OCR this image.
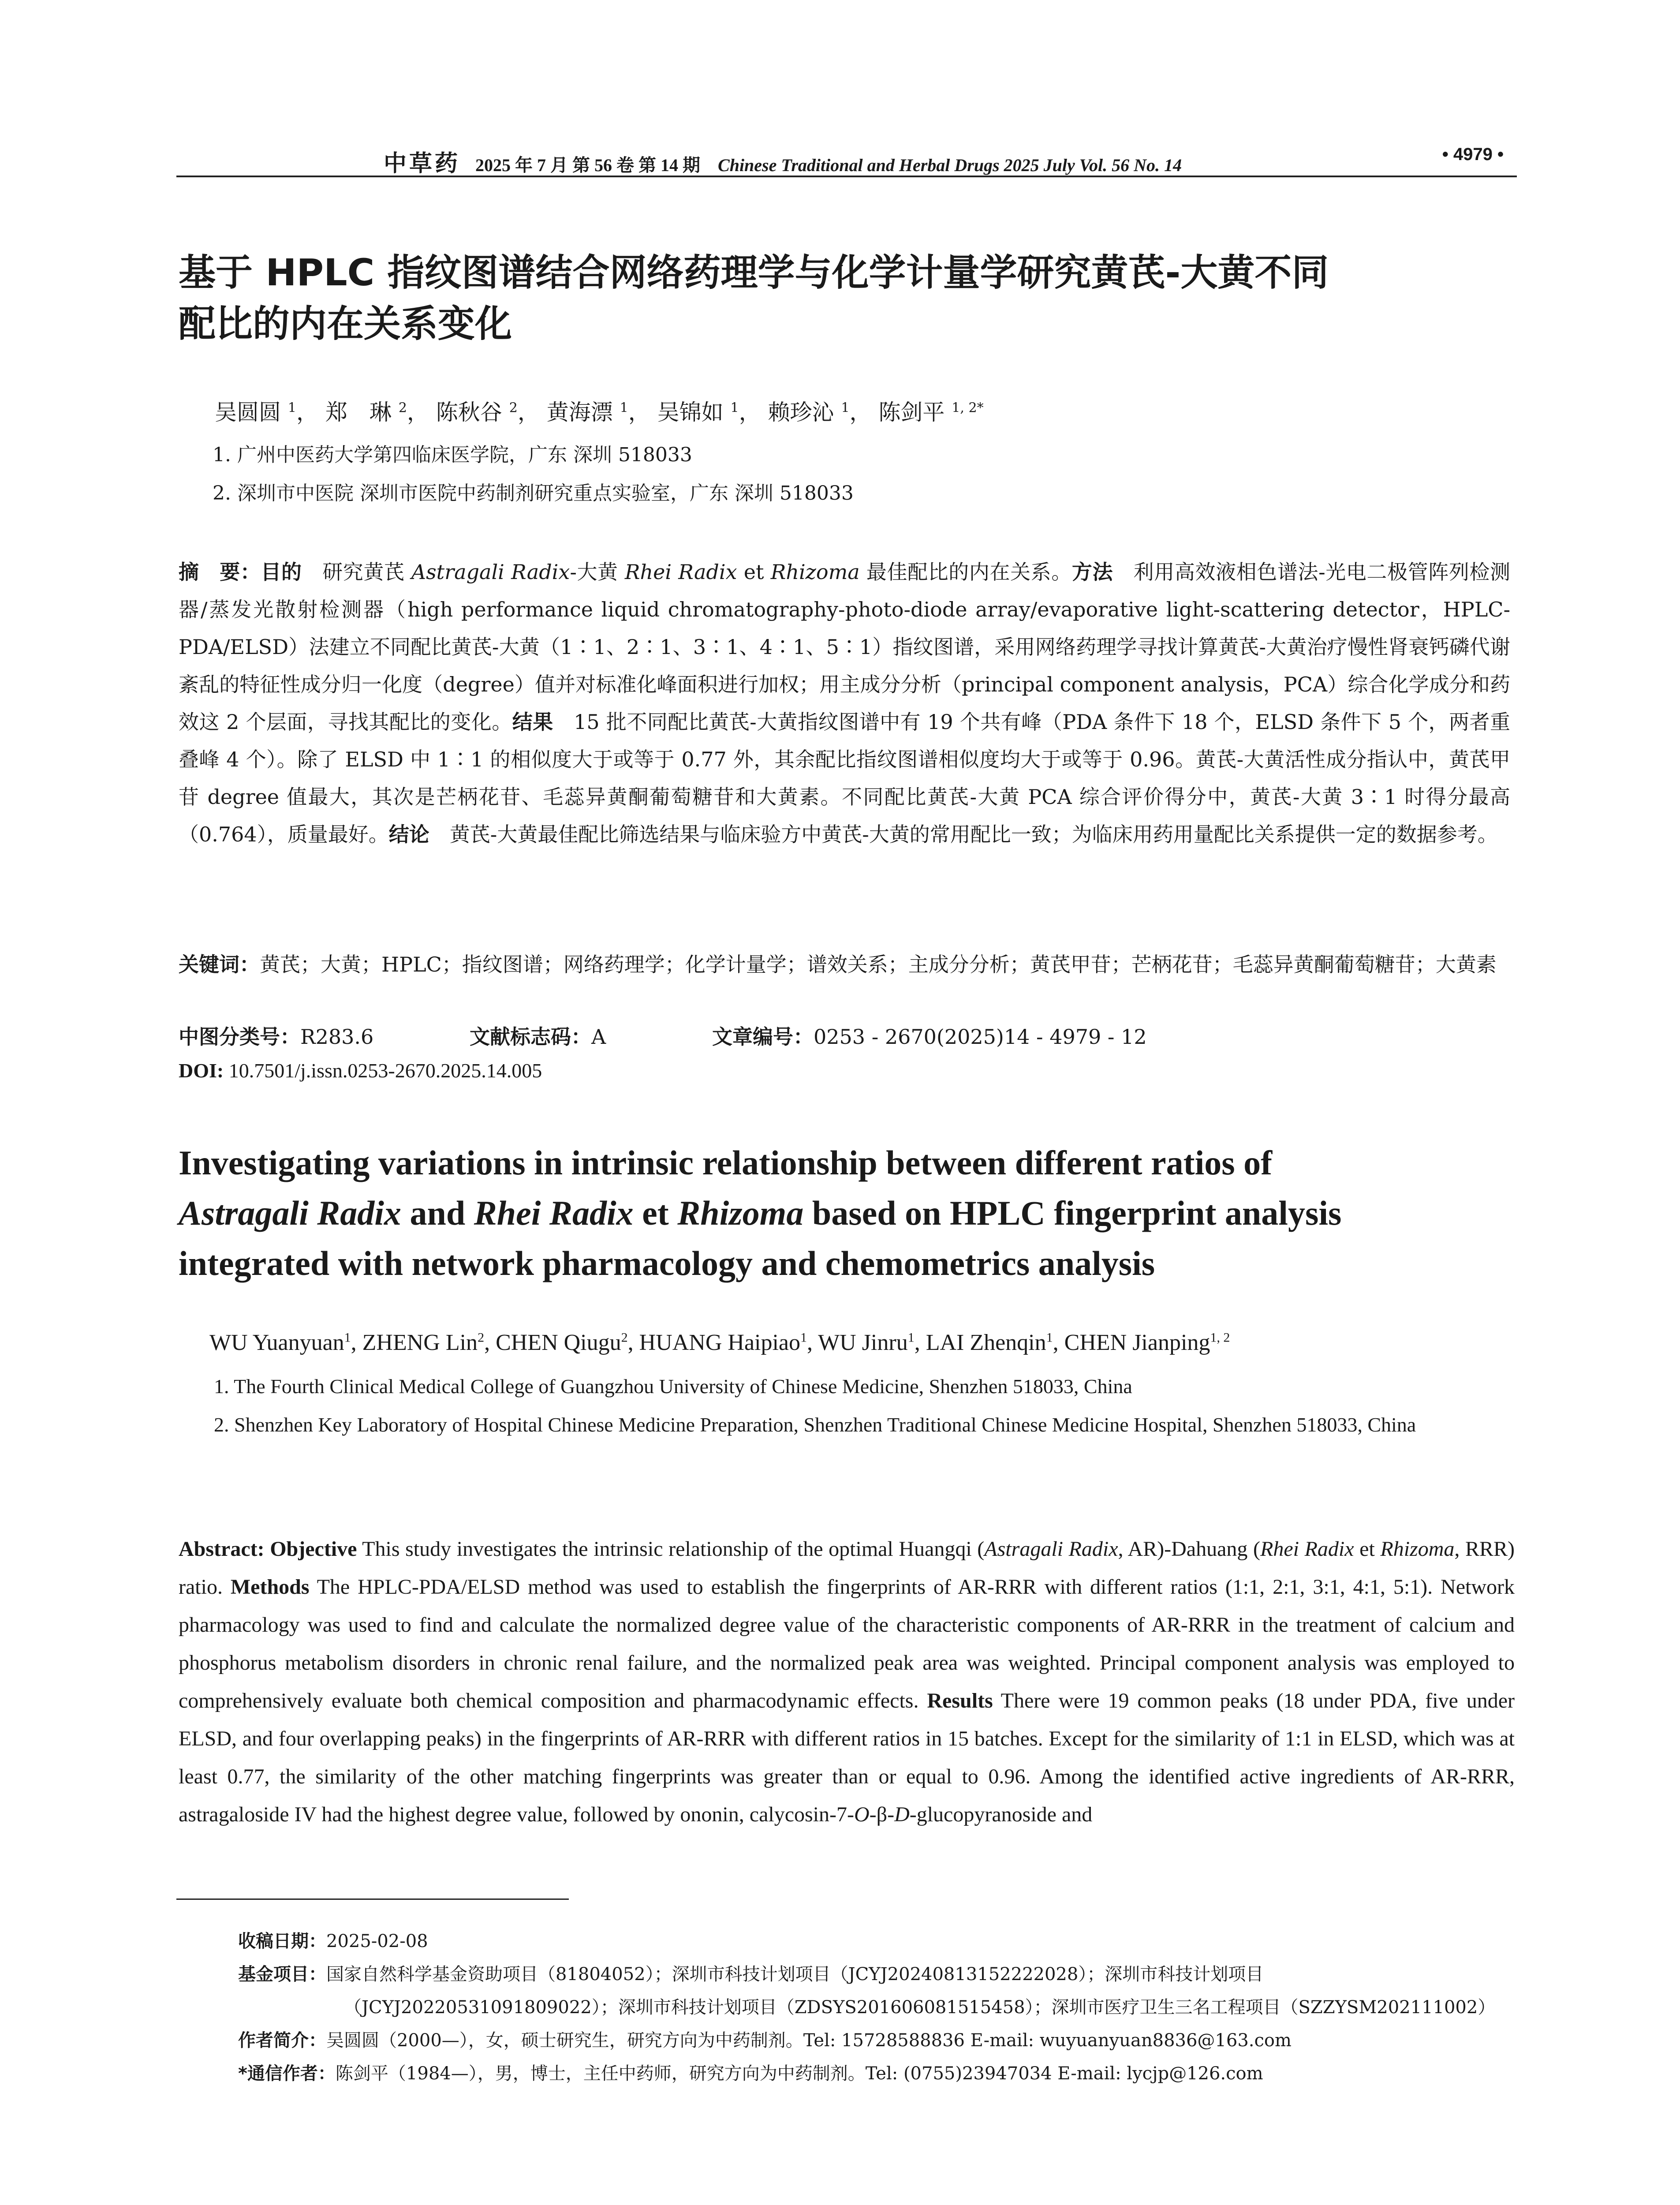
中草药 2025 年 7 月 第 56 卷 第 14 期 Chinese Traditional and Herbal Drugs 2025 July Vol. 56 No. 14
• 4979 •
基于 HPLC 指纹图谱结合网络药理学与化学计量学研究黄芪-大黄不同
配比的内在关系变化
吴圆圆 $^1$， 郑　琳 $^2$， 陈秋谷 $^2$， 黄海漂 $^1$， 吴锦如 $^1$， 赖珍沁 $^1$， 陈剑平 $^{1, 2*}$
1. 广州中医药大学第四临床医学院，广东 深圳 518033
2. 深圳市中医院 深圳市医院中药制剂研究重点实验室，广东 深圳 518033
摘　要：目的　研究黄芪 Astragali Radix-大黄 Rhei Radix et Rhizoma 最佳配比的内在关系。方法　利用高效液相色谱法-光电二极管阵列检测器/蒸发光散射检测器（high performance liquid chromatography-photo-diode array/evaporative light-scattering detector，HPLC-PDA/ELSD）法建立不同配比黄芪-大黄（1∶1、2∶1、3∶1、4∶1、5∶1）指纹图谱，采用网络药理学寻找计算黄芪-大黄治疗慢性肾衰钙磷代谢紊乱的特征性成分归一化度（degree）值并对标准化峰面积进行加权；用主成分分析（principal component analysis，PCA）综合化学成分和药效这 2 个层面，寻找其配比的变化。结果　15 批不同配比黄芪-大黄指纹图谱中有 19 个共有峰（PDA 条件下 18 个，ELSD 条件下 5 个，两者重叠峰 4 个）。除了 ELSD 中 1∶1 的相似度大于或等于 0.77 外，其余配比指纹图谱相似度均大于或等于 0.96。黄芪-大黄活性成分指认中，黄芪甲苷 degree 值最大，其次是芒柄花苷、毛蕊异黄酮葡萄糖苷和大黄素。不同配比黄芪-大黄 PCA 综合评价得分中，黄芪-大黄 3∶1 时得分最高（0.764），质量最好。结论　黄芪-大黄最佳配比筛选结果与临床验方中黄芪-大黄的常用配比一致；为临床用药用量配比关系提供一定的数据参考。
关键词：黄芪；大黄；HPLC；指纹图谱；网络药理学；化学计量学；谱效关系；主成分分析；黄芪甲苷；芒柄花苷；毛蕊异黄酮葡萄糖苷；大黄素
中图分类号：R283.6	文献标志码：A	文章编号：0253 - 2670(2025)14 - 4979 - 12
DOI: 10.7501/j.issn.0253-2670.2025.14.005
Investigating variations in intrinsic relationship between different ratios of
Astragali Radix and Rhei Radix et Rhizoma based on HPLC fingerprint analysis
integrated with network pharmacology and chemometrics analysis
WU Yuanyuan$^1$, ZHENG Lin$^2$, CHEN Qiugu$^2$, HUANG Haipiao$^1$, WU Jinru$^1$, LAI Zhenqin$^1$, CHEN Jianping$^{1, 2}$
1. The Fourth Clinical Medical College of Guangzhou University of Chinese Medicine, Shenzhen 518033, China
2. Shenzhen Key Laboratory of Hospital Chinese Medicine Preparation, Shenzhen Traditional Chinese Medicine Hospital, Shenzhen 518033, China
Abstract: Objective This study investigates the intrinsic relationship of the optimal Huangqi (Astragali Radix, AR)-Dahuang (Rhei Radix et Rhizoma, RRR) ratio. Methods The HPLC-PDA/ELSD method was used to establish the fingerprints of AR-RRR with different ratios (1:1, 2:1, 3:1, 4:1, 5:1). Network pharmacology was used to find and calculate the normalized degree value of the characteristic components of AR-RRR in the treatment of calcium and phosphorus metabolism disorders in chronic renal failure, and the normalized peak area was weighted. Principal component analysis was employed to comprehensively evaluate both chemical composition and pharmacodynamic effects. Results There were 19 common peaks (18 under PDA, five under ELSD, and four overlapping peaks) in the fingerprints of AR-RRR with different ratios in 15 batches. Except for the similarity of 1:1 in ELSD, which was at least 0.77, the similarity of the other matching fingerprints was greater than or equal to 0.96. Among the identified active ingredients of AR-RRR, astragaloside IV had the highest degree value, followed by ononin, calycosin-7-O-β-D-glucopyranoside and
收稿日期：2025-02-08
基金项目：国家自然科学基金资助项目（81804052）；深圳市科技计划项目（JCYJ20240813152222028）；深圳市科技计划项目
（JCYJ20220531091809022）；深圳市科技计划项目（ZDSYS201606081515458）；深圳市医疗卫生三名工程项目（SZZYSM202111002）
作者简介：吴圆圆（2000—），女，硕士研究生，研究方向为中药制剂。Tel: 15728588836 E-mail: wuyuanyuan8836@163.com
*通信作者：陈剑平（1984—），男，博士，主任中药师，研究方向为中药制剂。Tel: (0755)23947034 E-mail: lycjp@126.com
